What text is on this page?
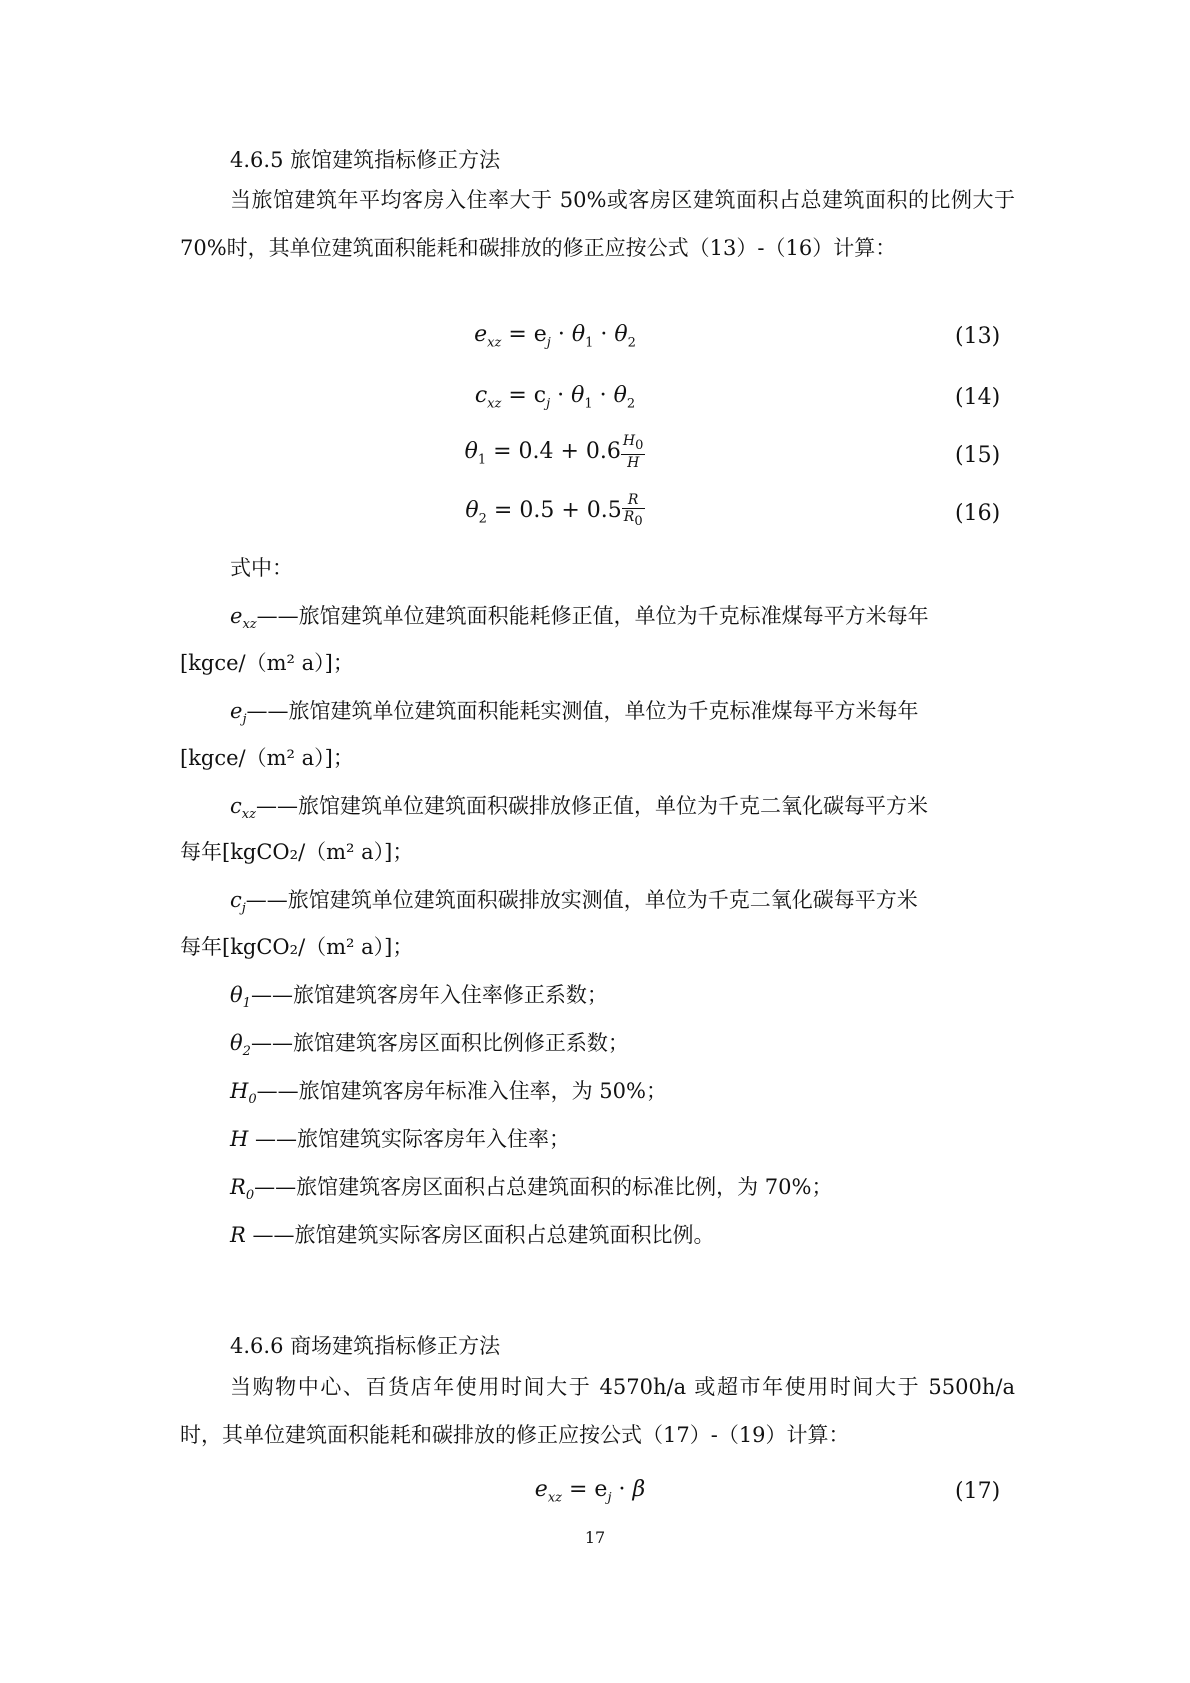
4.6.5 旅馆建筑指标修正方法
当旅馆建筑年平均客房入住率大于 50%或客房区建筑面积占总建筑面积的比例大于 70%时，其单位建筑面积能耗和碳排放的修正应按公式（13）-（16）计算：
$e_{xz} = e_j \cdot \theta_1 \cdot \theta_2$	(13)
$c_{xz} = c_j \cdot \theta_1 \cdot \theta_2$	(14)
$\theta_1 = 0.4 + 0.6 \frac{H_0}{H}$	(15)
$\theta_2 = 0.5 + 0.5 \frac{R}{R_0}$	(16)
式中：
$e_{xz}——$旅馆建筑单位建筑面积能耗修正值，单位为千克标准煤每平方米每年
[kgce/（m² a）]；
$e_j——$旅馆建筑单位建筑面积能耗实测值，单位为千克标准煤每平方米每年
[kgce/（m² a）]；
$c_{xz}——$旅馆建筑单位建筑面积碳排放修正值，单位为千克二氧化碳每平方米
每年[kgCO₂/（m² a）]；
$c_j——$旅馆建筑单位建筑面积碳排放实测值，单位为千克二氧化碳每平方米
每年[kgCO₂/（m² a）]；
$\theta_1——$旅馆建筑客房年入住率修正系数；
$\theta_2——$旅馆建筑客房区面积比例修正系数；
$H_0——$旅馆建筑客房年标准入住率，为 50%；
H ——旅馆建筑实际客房年入住率；
$R_0——$旅馆建筑客房区面积占总建筑面积的标准比例，为 70%；
R ——旅馆建筑实际客房区面积占总建筑面积比例。
4.6.6 商场建筑指标修正方法
当购物中心、百货店年使用时间大于 4570h/a 或超市年使用时间大于 5500h/a 时，其单位建筑面积能耗和碳排放的修正应按公式（17）-（19）计算：
$e_{xz} = e_j \cdot \beta$	(17)
17
